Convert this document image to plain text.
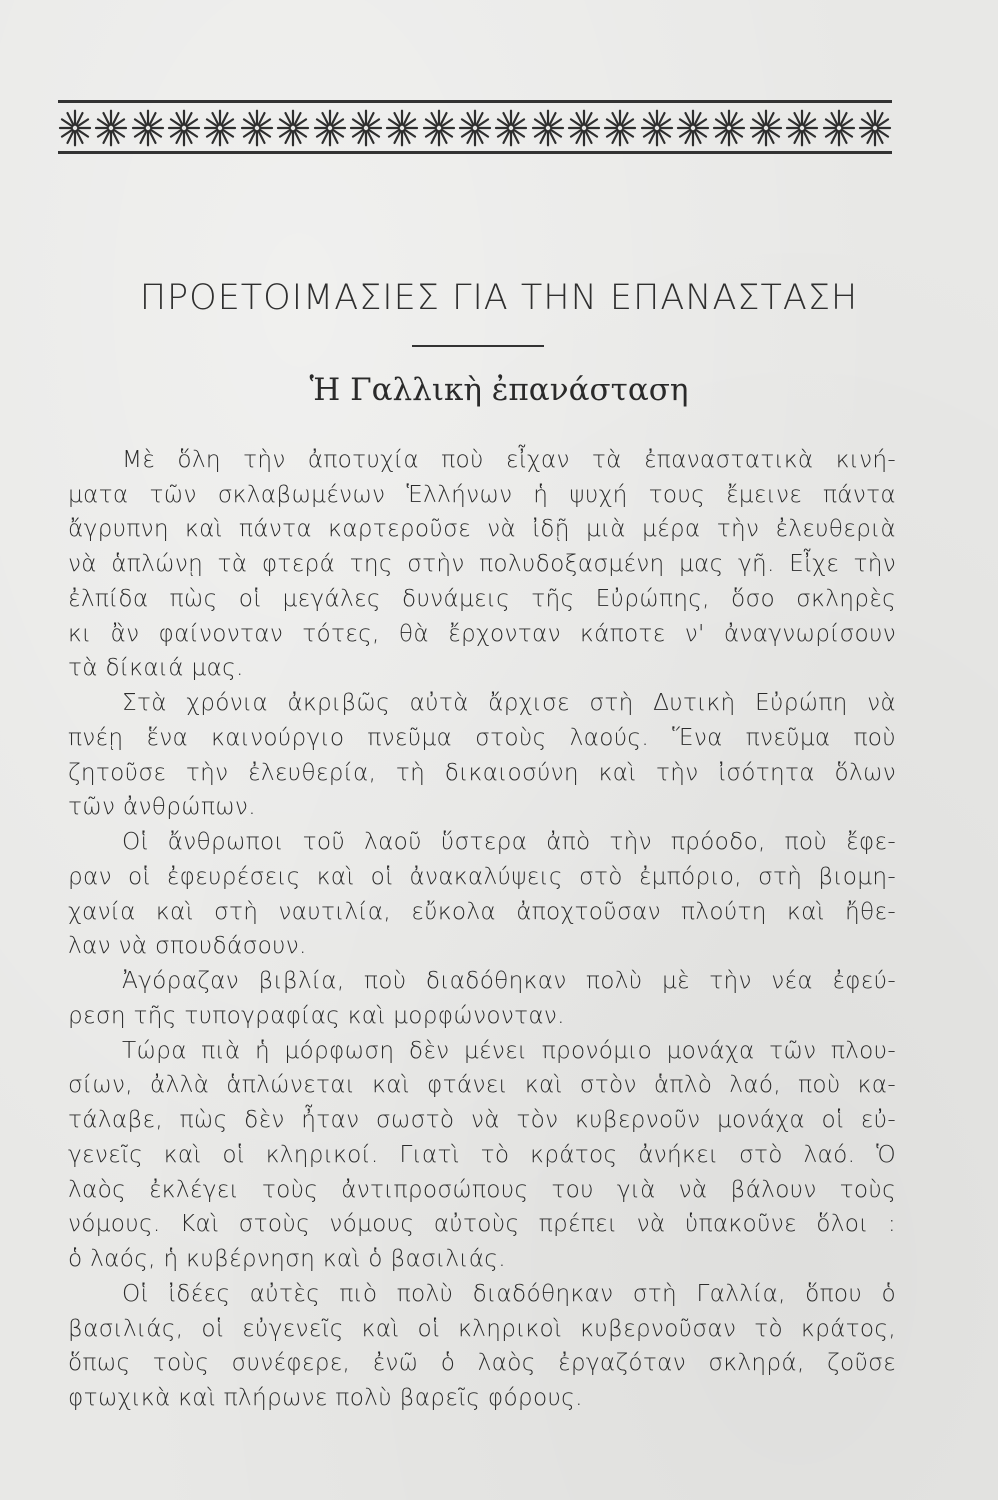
ΠΡΟΕΤΟΙΜΑΣΙΕΣ ΓΙΑ ΤΗΝ ΕΠΑΝΑΣΤΑΣΗ
Ἡ Γαλλικὴ ἐπανάσταση
Μὲ ὅλη τὴν ἀποτυχία ποὺ εἶχαν τὰ ἐπαναστατικὰ κινή-
ματα τῶν σκλαβωμένων Ἑλλήνων ἡ ψυχή τους ἔμεινε πάντα
ἄγρυπνη καὶ πάντα καρτεροῦσε νὰ ἰδῇ μιὰ μέρα τὴν ἐλευθεριὰ
νὰ ἁπλώνῃ τὰ φτερά της στὴν πολυδοξασμένη μας γῆ. Εἶχε τὴν
ἐλπίδα πὼς οἱ μεγάλες δυνάμεις τῆς Εὐρώπης, ὅσο σκληρὲς
κι ἂν φαίνονταν τότες, θὰ ἔρχονταν κάποτε ν' ἀναγνωρίσουν
τὰ δίκαιά μας.
Στὰ χρόνια ἀκριβῶς αὐτὰ ἄρχισε στὴ Δυτικὴ Εὐρώπη νὰ
πνέῃ ἕνα καινούργιο πνεῦμα στοὺς λαούς. Ἕνα πνεῦμα ποὺ
ζητοῦσε τὴν ἐλευθερία, τὴ δικαιοσύνη καὶ τὴν ἰσότητα ὅλων
τῶν ἀνθρώπων.
Οἱ ἄνθρωποι τοῦ λαοῦ ὕστερα ἀπὸ τὴν πρόοδο, ποὺ ἔφε-
ραν οἱ ἐφευρέσεις καὶ οἱ ἀνακαλύψεις στὸ ἐμπόριο, στὴ βιομη-
χανία καὶ στὴ ναυτιλία, εὔκολα ἀποχτοῦσαν πλούτη καὶ ἤθε-
λαν νὰ σπουδάσουν.
Ἀγόραζαν βιβλία, ποὺ διαδόθηκαν πολὺ μὲ τὴν νέα ἐφεύ-
ρεση τῆς τυπογραφίας καὶ μορφώνονταν.
Τώρα πιὰ ἡ μόρφωση δὲν μένει προνόμιο μονάχα τῶν πλου-
σίων, ἀλλὰ ἁπλώνεται καὶ φτάνει καὶ στὸν ἁπλὸ λαό, ποὺ κα-
τάλαβε, πὼς δὲν ἦταν σωστὸ νὰ τὸν κυβερνοῦν μονάχα οἱ εὐ-
γενεῖς καὶ οἱ κληρικοί. Γιατὶ τὸ κράτος ἀνήκει στὸ λαό. Ὁ
λαὸς ἐκλέγει τοὺς ἀντιπροσώπους του γιὰ νὰ βάλουν τοὺς
νόμους. Καὶ στοὺς νόμους αὐτοὺς πρέπει νὰ ὑπακοῦνε ὅλοι :
ὁ λαός, ἡ κυβέρνηση καὶ ὁ βασιλιάς.
Οἱ ἰδέες αὐτὲς πιὸ πολὺ διαδόθηκαν στὴ Γαλλία, ὅπου ὁ
βασιλιάς, οἱ εὐγενεῖς καὶ οἱ κληρικοὶ κυβερνοῦσαν τὸ κράτος,
ὅπως τοὺς συνέφερε, ἐνῶ ὁ λαὸς ἐργαζόταν σκληρά, ζοῦσε
φτωχικὰ καὶ πλήρωνε πολὺ βαρεῖς φόρους.
